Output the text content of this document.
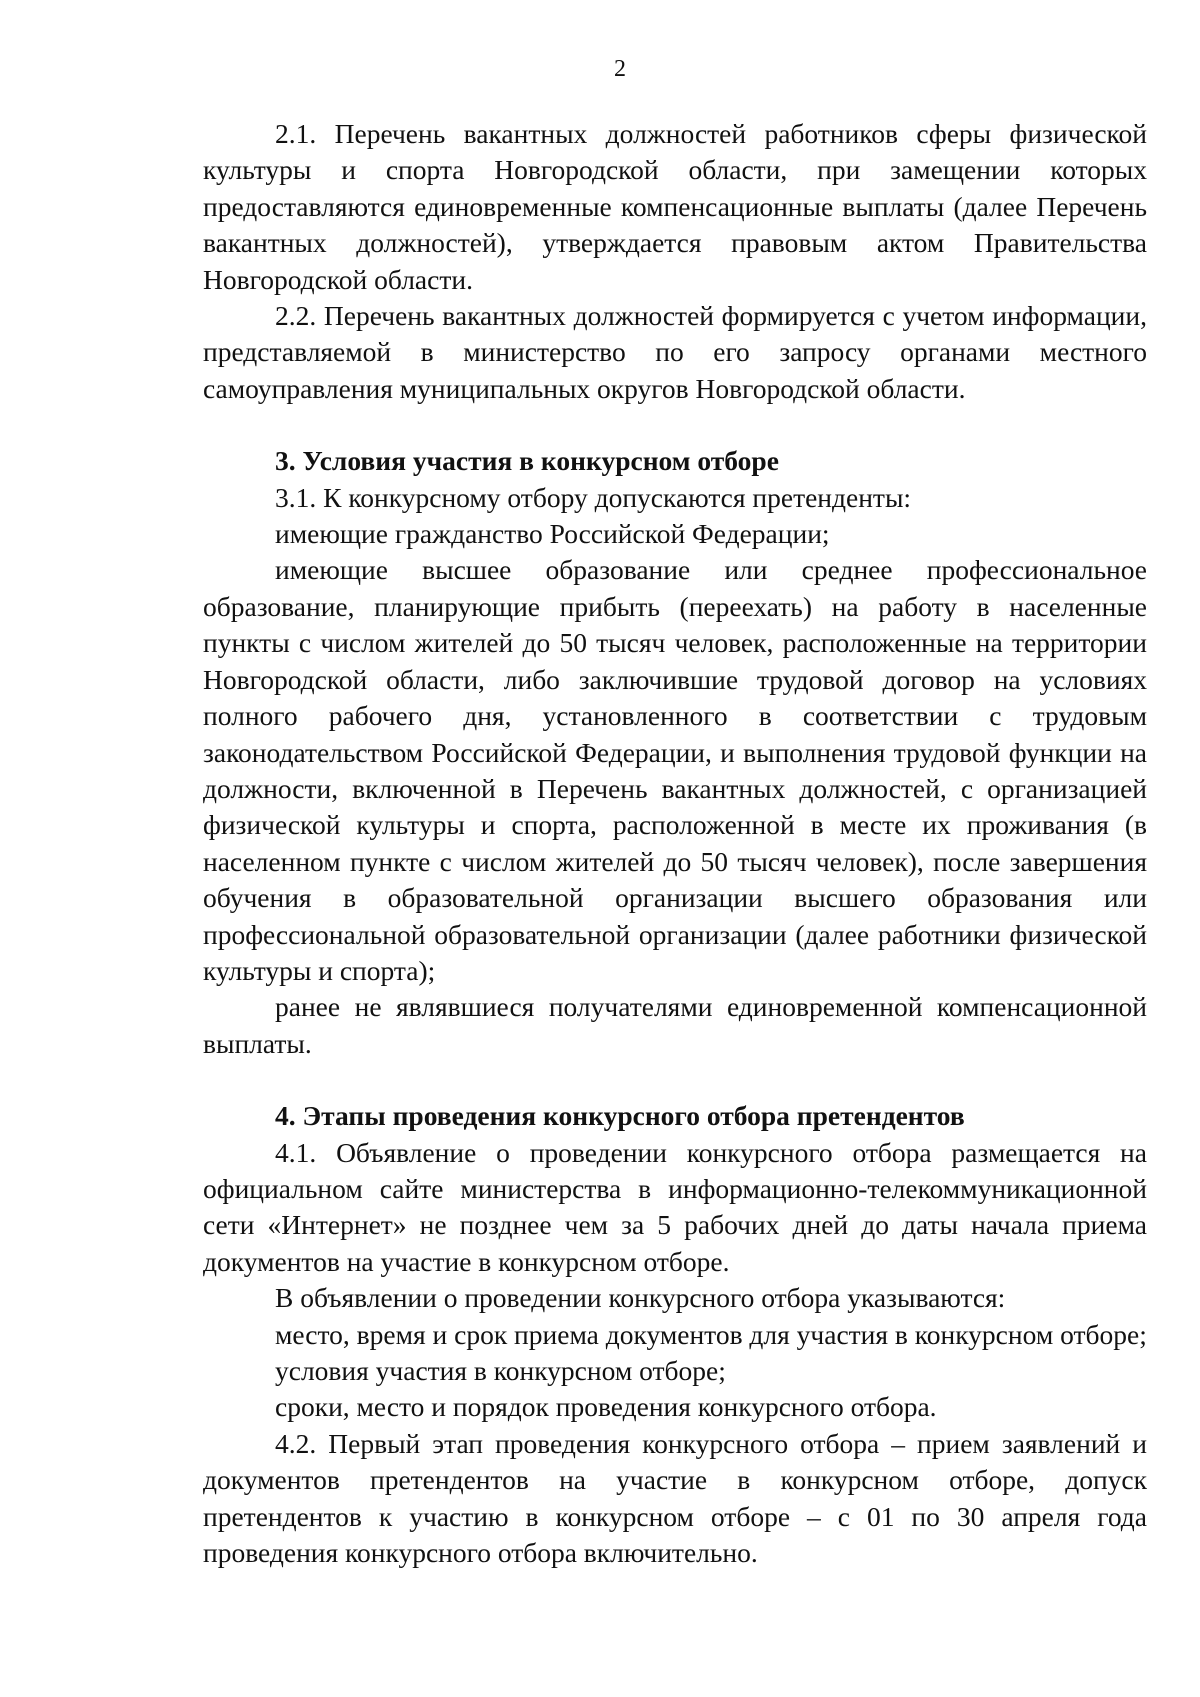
2

2.1. Перечень вакантных должностей работников сферы физической культуры и спорта Новгородской области, при замещении которых предоставляются единовременные компенсационные выплаты (далее Перечень вакантных должностей), утверждается правовым актом Правительства Новгородской области.

2.2. Перечень вакантных должностей формируется с учетом информации, представляемой в министерство по его запросу органами местного самоуправления муниципальных округов Новгородской области.

3. Условия участия в конкурсном отборе

3.1. К конкурсному отбору допускаются претенденты:

имеющие гражданство Российской Федерации;

имеющие высшее образование или среднее профессиональное образование, планирующие прибыть (переехать) на работу в населенные пункты с числом жителей до 50 тысяч человек, расположенные на территории Новгородской области, либо заключившие трудовой договор на условиях полного рабочего дня, установленного в соответствии с трудовым законодательством Российской Федерации, и выполнения трудовой функции на должности, включенной в Перечень вакантных должностей, с организацией физической культуры и спорта, расположенной в месте их проживания (в населенном пункте с числом жителей до 50 тысяч человек), после завершения обучения в образовательной организации высшего образования или профессиональной образовательной организации (далее работники физической культуры и спорта);

ранее не являвшиеся получателями единовременной компенсационной выплаты.

4. Этапы проведения конкурсного отбора претендентов

4.1. Объявление о проведении конкурсного отбора размещается на официальном сайте министерства в информационно-телекоммуникационной сети «Интернет» не позднее чем за 5 рабочих дней до даты начала приема документов на участие в конкурсном отборе.

В объявлении о проведении конкурсного отбора указываются:

место, время и срок приема документов для участия в конкурсном отборе;

условия участия в конкурсном отборе;

сроки, место и порядок проведения конкурсного отбора.

4.2. Первый этап проведения конкурсного отбора – прием заявлений и документов претендентов на участие в конкурсном отборе, допуск претендентов к участию в конкурсном отборе – с 01 по 30 апреля года проведения конкурсного отбора включительно.
